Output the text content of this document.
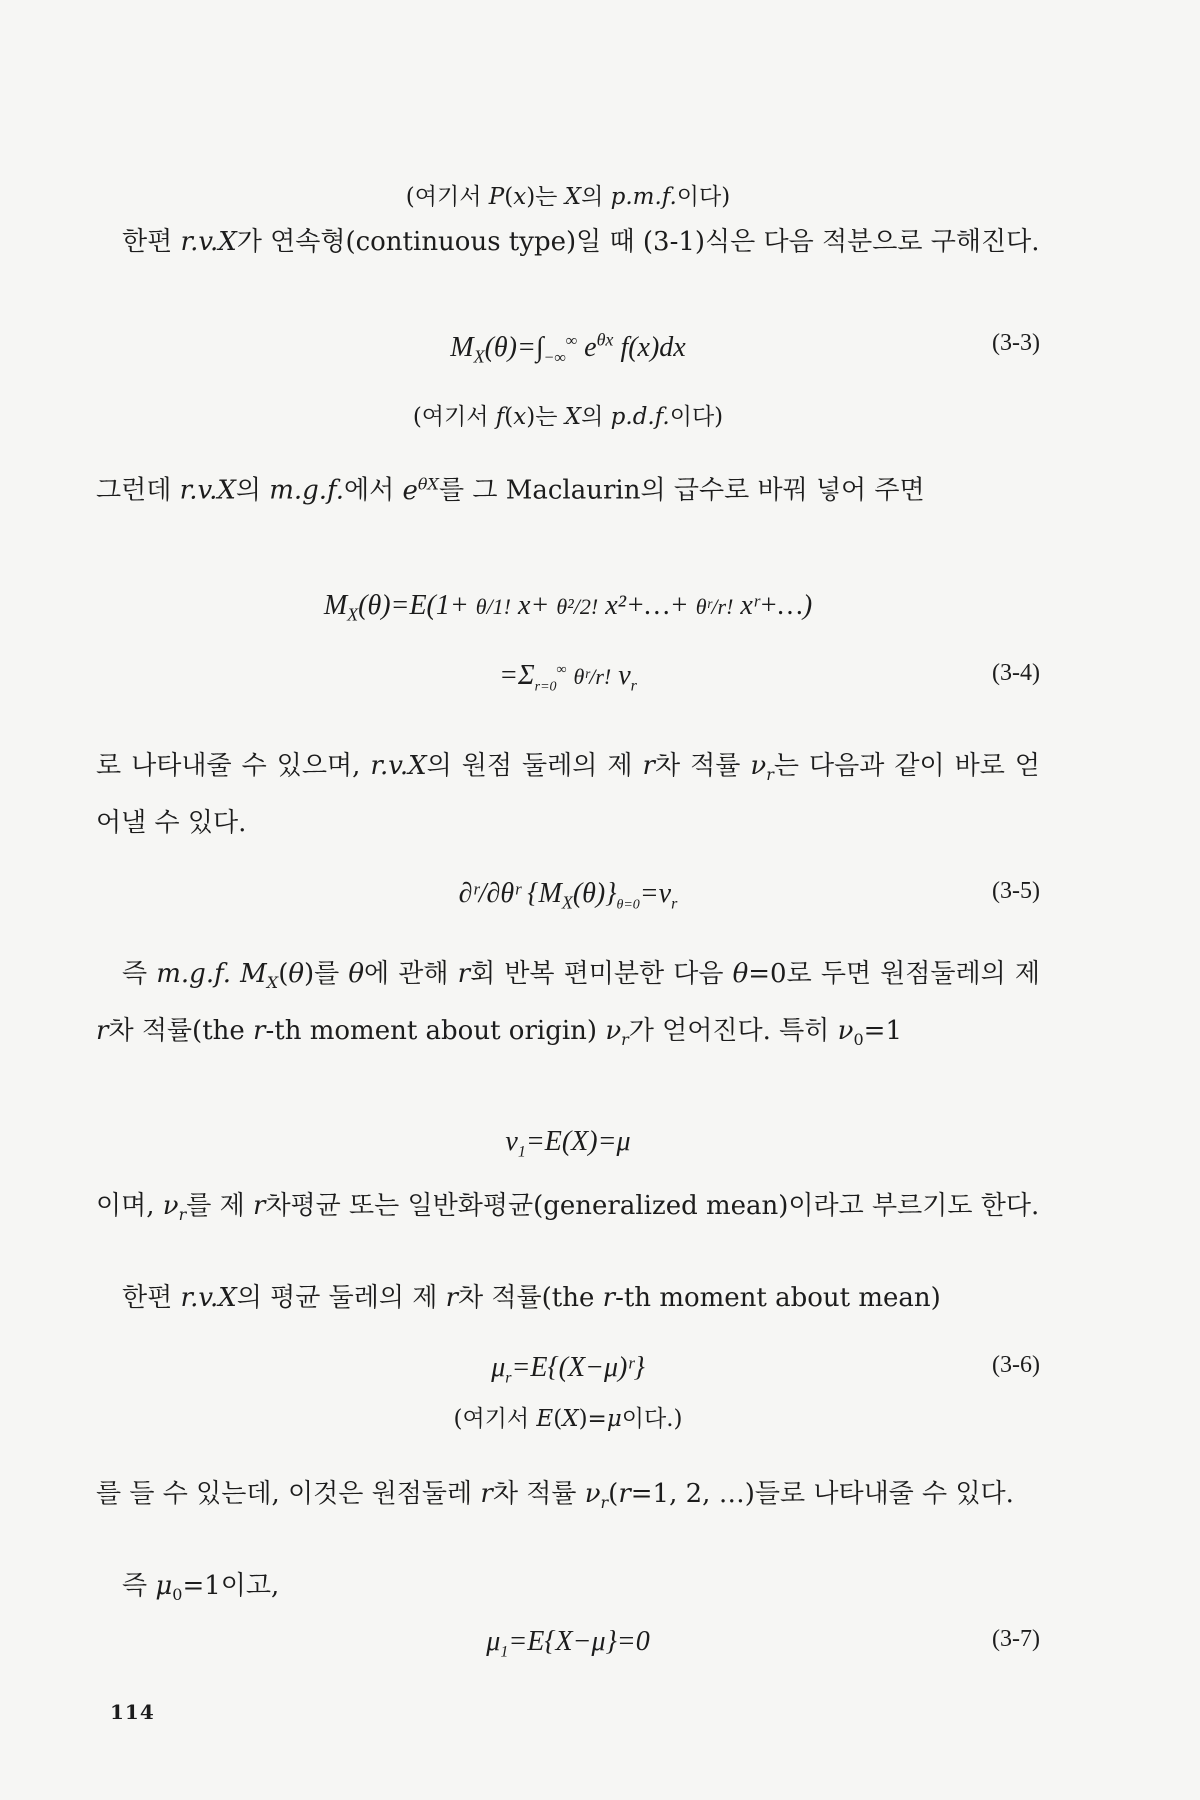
(여기서 P(x)는 X의 p.m.f.이다)

한편 r.v.X가 연속형(continuous type)일 때 (3-1)식은 다음 적분으로 구해진다.

$M_X(\theta)=\int_{-\infty}^\infty$ $e^{\theta x}$ f(x)dx	(3-3)
(여기서 f(x)는 X의 p.d.f.이다)

그런데 r.v.X의 m.g.f.에서 $e^{\theta X}$를 그 Maclaurin의 급수로 바꿔 넣어 주면

$M_X(\theta)=E(1+ \theta/1$! x+ θ²/2! x²+…+ θʳ/r! xʳ+…)
$=\Sigma_{r=0}^\infty$ θʳ/r! $\nu_r$
(3-4)

로 나타내줄 수 있으며, r.v.X의 원점 둘레의 제 r차 적률 $\nu_r$는 다음과 같이 바로 얻어낼 수 있다.

∂ʳ/∂θʳ $\{M_X(\theta)\}_{\theta=0}=\nu_r$
(3-5)

즉 m.g.f. $M_X(\theta)$를 θ에 관해 r회 반복 편미분한 다음 θ=0로 두면 원점둘레의 제 r차 적률(the r-th moment about origin) $\nu_r$가 얻어진다. 특히 $\nu_0=1$

$\nu_1=E(X)=\mu$

이며, $\nu_r$를 제 r차평균 또는 일반화평균(generalized mean)이라고 부르기도 한다.

한편 r.v.X의 평균 둘레의 제 r차 적률(the r-th moment about mean)

$\mu_r=E\{(X-\mu)ʳ\}$	(3-6)
(여기서 E(X)=μ이다.)

를 들 수 있는데, 이것은 원점둘레 r차 적률 $\nu_r(r=1$, 2, …)들로 나타내줄 수 있다.

즉 $\mu_0=1$이고,

$\mu_1=E\{X-\mu\}=0$	(3-7)
114
